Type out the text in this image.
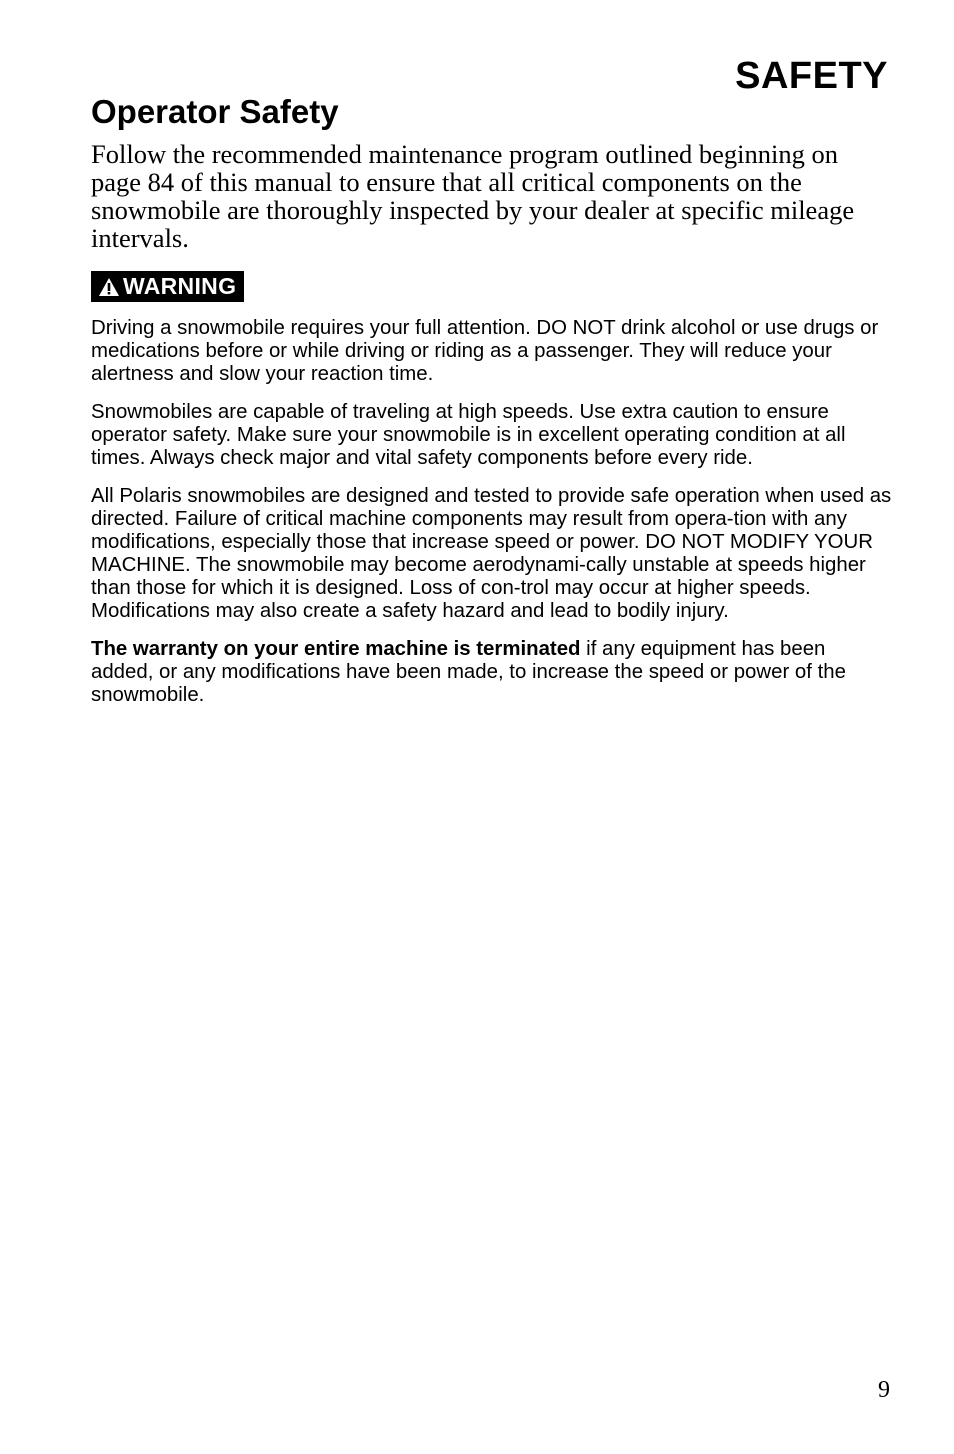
SAFETY
Operator Safety

Follow the recommended maintenance program outlined beginning on page 84 of this manual to ensure that all critical components on the snowmobile are thoroughly inspected by your dealer at specific mileage intervals.

WARNING

Driving a snowmobile requires your full attention. DO NOT drink alcohol or use drugs or medications before or while driving or riding as a passenger. They will reduce your alertness and slow your reaction time.

Snowmobiles are capable of traveling at high speeds. Use extra caution to ensure operator safety. Make sure your snowmobile is in excellent operating condition at all times. Always check major and vital safety components before every ride.

All Polaris snowmobiles are designed and tested to provide safe operation when used as directed. Failure of critical machine components may result from opera-tion with any modifications, especially those that increase speed or power. DO NOT MODIFY YOUR MACHINE. The snowmobile may become aerodynami-cally unstable at speeds higher than those for which it is designed. Loss of con-trol may occur at higher speeds. Modifications may also create a safety hazard and lead to bodily injury.

The warranty on your entire machine is terminated if any equipment has been added, or any modifications have been made, to increase the speed or power of the snowmobile.

9
